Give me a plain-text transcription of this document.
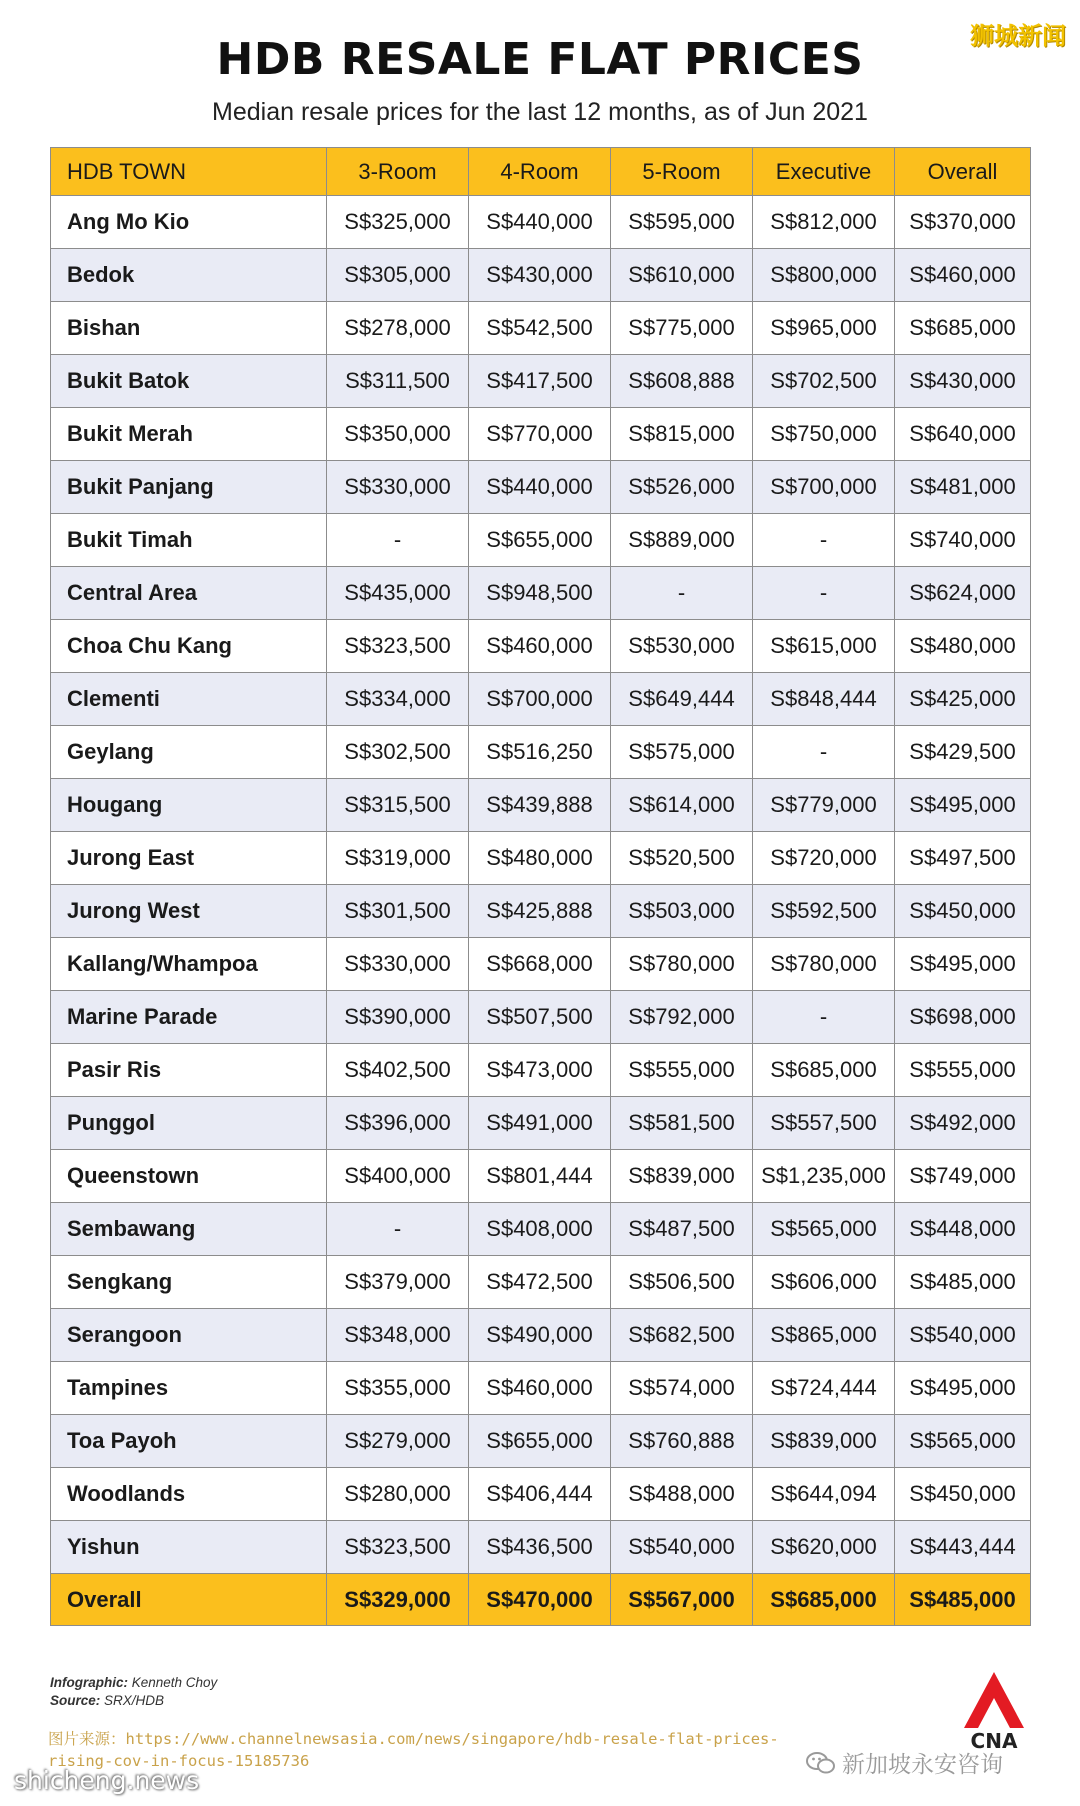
狮城新闻
HDB RESALE FLAT PRICES
Median resale prices for the last 12 months, as of Jun 2021
HDB TOWN	3-Room	4-Room	5-Room	Executive	Overall
Ang Mo Kio	S$325,000	S$440,000	S$595,000	S$812,000	S$370,000
Bedok	S$305,000	S$430,000	S$610,000	S$800,000	S$460,000
Bishan	S$278,000	S$542,500	S$775,000	S$965,000	S$685,000
Bukit Batok	S$311,500	S$417,500	S$608,888	S$702,500	S$430,000
Bukit Merah	S$350,000	S$770,000	S$815,000	S$750,000	S$640,000
Bukit Panjang	S$330,000	S$440,000	S$526,000	S$700,000	S$481,000
Bukit Timah	-	S$655,000	S$889,000	-	S$740,000
Central Area	S$435,000	S$948,500	-	-	S$624,000
Choa Chu Kang	S$323,500	S$460,000	S$530,000	S$615,000	S$480,000
Clementi	S$334,000	S$700,000	S$649,444	S$848,444	S$425,000
Geylang	S$302,500	S$516,250	S$575,000	-	S$429,500
Hougang	S$315,500	S$439,888	S$614,000	S$779,000	S$495,000
Jurong East	S$319,000	S$480,000	S$520,500	S$720,000	S$497,500
Jurong West	S$301,500	S$425,888	S$503,000	S$592,500	S$450,000
Kallang/Whampoa	S$330,000	S$668,000	S$780,000	S$780,000	S$495,000
Marine Parade	S$390,000	S$507,500	S$792,000	-	S$698,000
Pasir Ris	S$402,500	S$473,000	S$555,000	S$685,000	S$555,000
Punggol	S$396,000	S$491,000	S$581,500	S$557,500	S$492,000
Queenstown	S$400,000	S$801,444	S$839,000	S$1,235,000	S$749,000
Sembawang	-	S$408,000	S$487,500	S$565,000	S$448,000
Sengkang	S$379,000	S$472,500	S$506,500	S$606,000	S$485,000
Serangoon	S$348,000	S$490,000	S$682,500	S$865,000	S$540,000
Tampines	S$355,000	S$460,000	S$574,000	S$724,444	S$495,000
Toa Payoh	S$279,000	S$655,000	S$760,888	S$839,000	S$565,000
Woodlands	S$280,000	S$406,444	S$488,000	S$644,094	S$450,000
Yishun	S$323,500	S$436,500	S$540,000	S$620,000	S$443,444
Overall	S$329,000	S$470,000	S$567,000	S$685,000	S$485,000
Infographic: Kenneth Choy
Source: SRX/HDB
图片来源：https://www.channelnewsasia.com/news/singapore/hdb-resale-flat-prices-rising-cov-in-focus-15185736
CNA
新加坡永安咨询
shicheng.news
